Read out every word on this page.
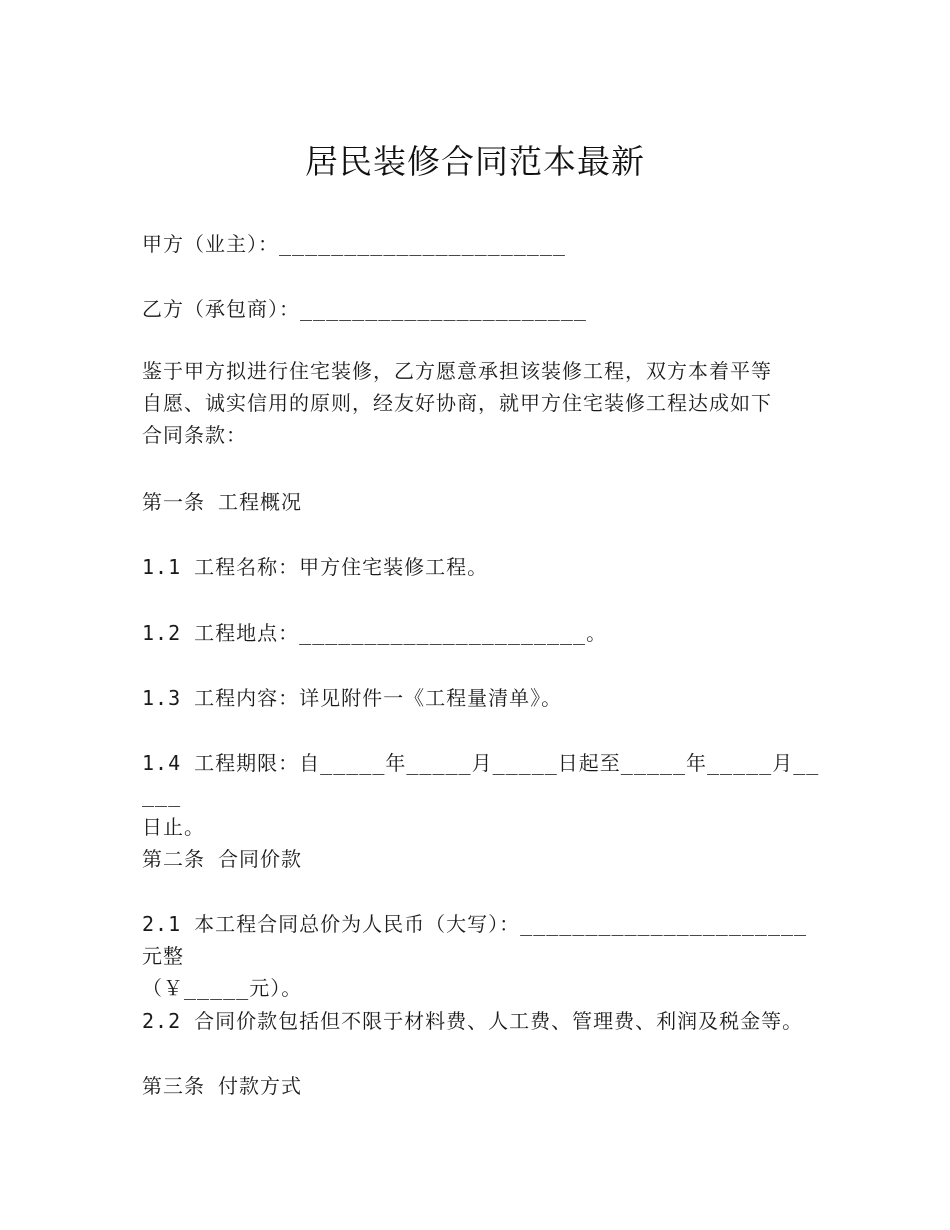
居民装修合同范本最新
甲方（业主）：______________________
乙方（承包商）：______________________
鉴于甲方拟进行住宅装修，乙方愿意承担该装修工程，双方本着平等
自愿、诚实信用的原则，经友好协商，就甲方住宅装修工程达成如下
合同条款：
第一条 工程概况
1.1 工程名称：甲方住宅装修工程。
1.2 工程地点：______________________。
1.3 工程内容：详见附件一《工程量清单》。
1.4 工程期限：自_____年_____月_____日起至_____年_____月_____
日止。
第二条 合同价款
2.1 本工程合同总价为人民币（大写）：______________________元整
（￥_____元）。
2.2 合同价款包括但不限于材料费、人工费、管理费、利润及税金等。
第三条 付款方式
